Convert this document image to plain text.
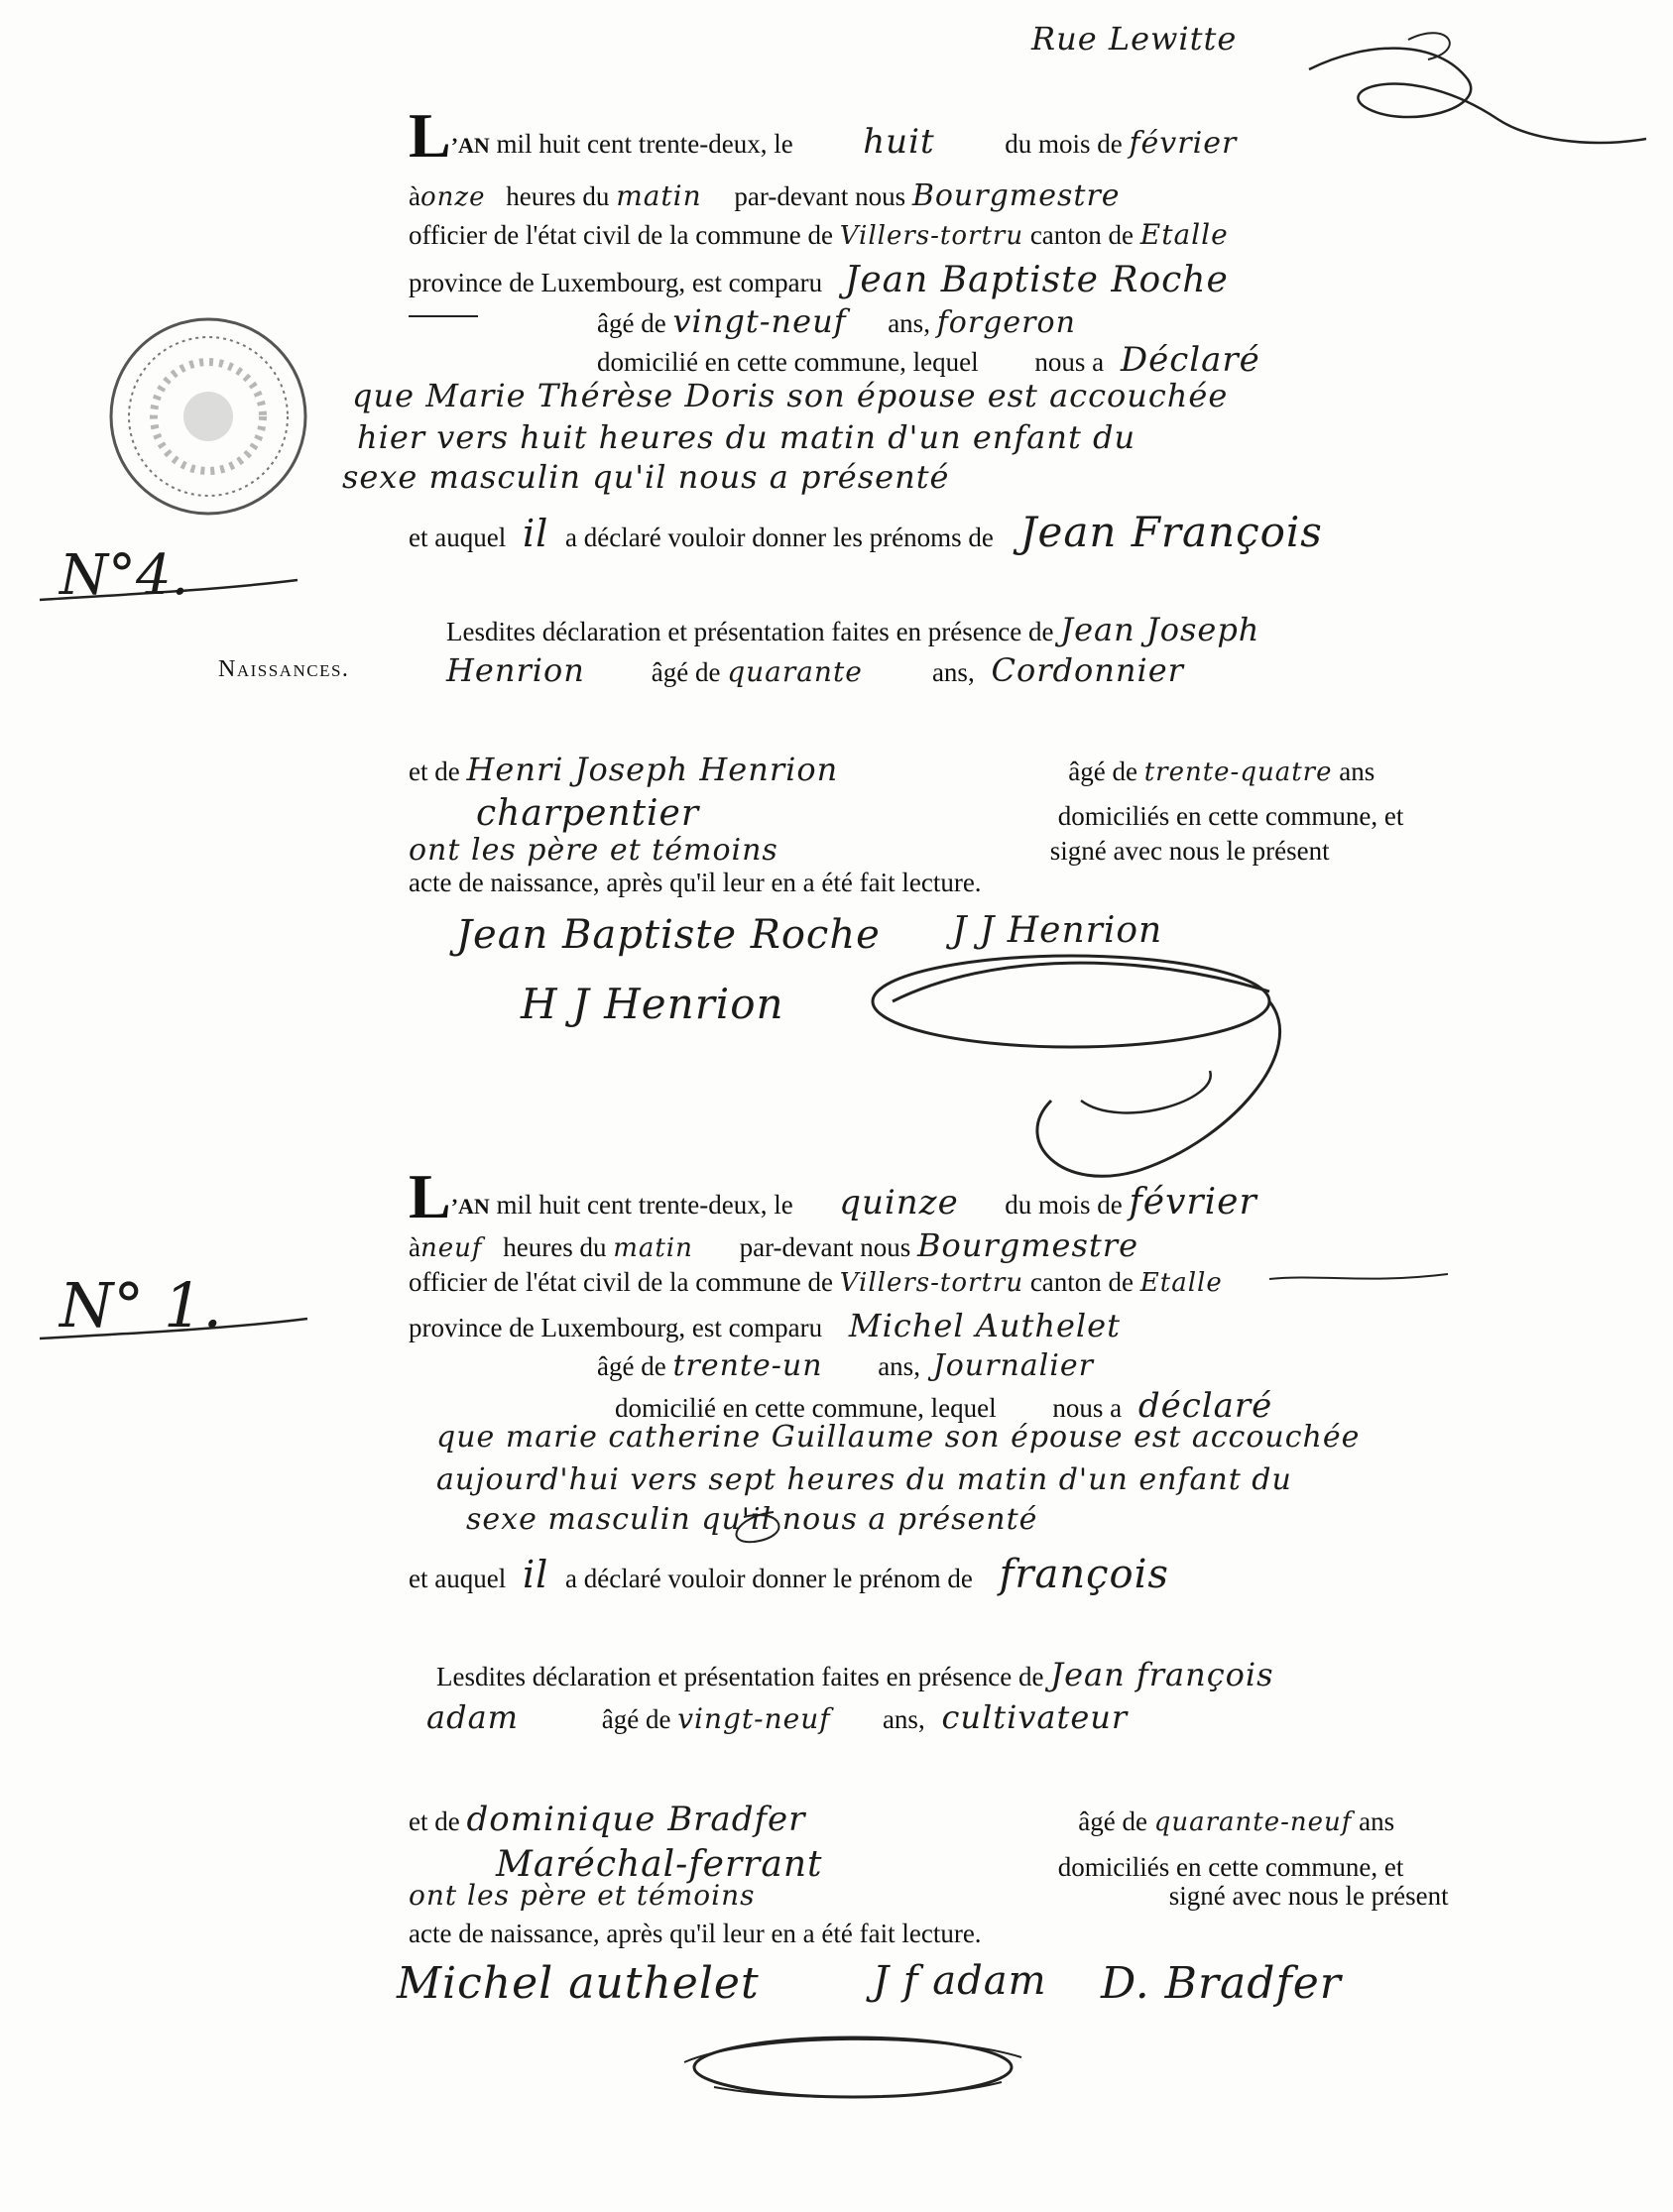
Rue Lewitte
Naissances.
N°4.
L’AN mil huit cent trente-deux, le huit	du mois de février
àonze heures du matin par-devant nous Bourgmestre
officier de l'état civil de la commune de Villers-tortru canton de Etalle
province de Luxembourg, est comparu Jean Baptiste Roche
âgé de vingt-neuf ans, forgeron
domicilié en cette commune, lequel nous a Déclaré
que Marie Thérèse Doris son épouse est accouchée
hier vers huit heures du matin d'un enfant du
sexe masculin qu'il nous a présenté
et auquel il a déclaré vouloir donner les prénoms de Jean François
Lesdites déclaration et présentation faites en présence de Jean Joseph
Henrion âgé de quarante	ans, Cordonnier
et de Henri Joseph Henrion	âgé de trente-quatre ans
charpentier	domiciliés en cette commune, et
ont les père et témoins	signé avec nous le présent
acte de naissance, après qu'il leur en a été fait lecture.
Jean Baptiste Roche J J Henrion
H J Henrion
N° 1.
L’AN mil huit cent trente-deux, le quinze du mois de février
àneuf heures du matin par-devant nous Bourgmestre
officier de l'état civil de la commune de Villers-tortru canton de Etalle
province de Luxembourg, est comparu Michel Authelet
âgé de trente-un ans, Journalier
domicilié en cette commune, lequel nous a déclaré
que marie catherine Guillaume son épouse est accouchée
aujourd'hui vers sept heures du matin d'un enfant du
sexe masculin qu'il nous a présenté
et auquel il a déclaré vouloir donner le prénom de françois
Lesdites déclaration et présentation faites en présence de Jean françois
adam	âgé de vingt-neuf ans, cultivateur
et de dominique Bradfer	âgé de quarante-neuf ans
Maréchal-ferrant	domiciliés en cette commune, et
ont les père et témoins	signé avec nous le présent
acte de naissance, après qu'il leur en a été fait lecture.
Michel authelet	J f adam D. Bradfer
